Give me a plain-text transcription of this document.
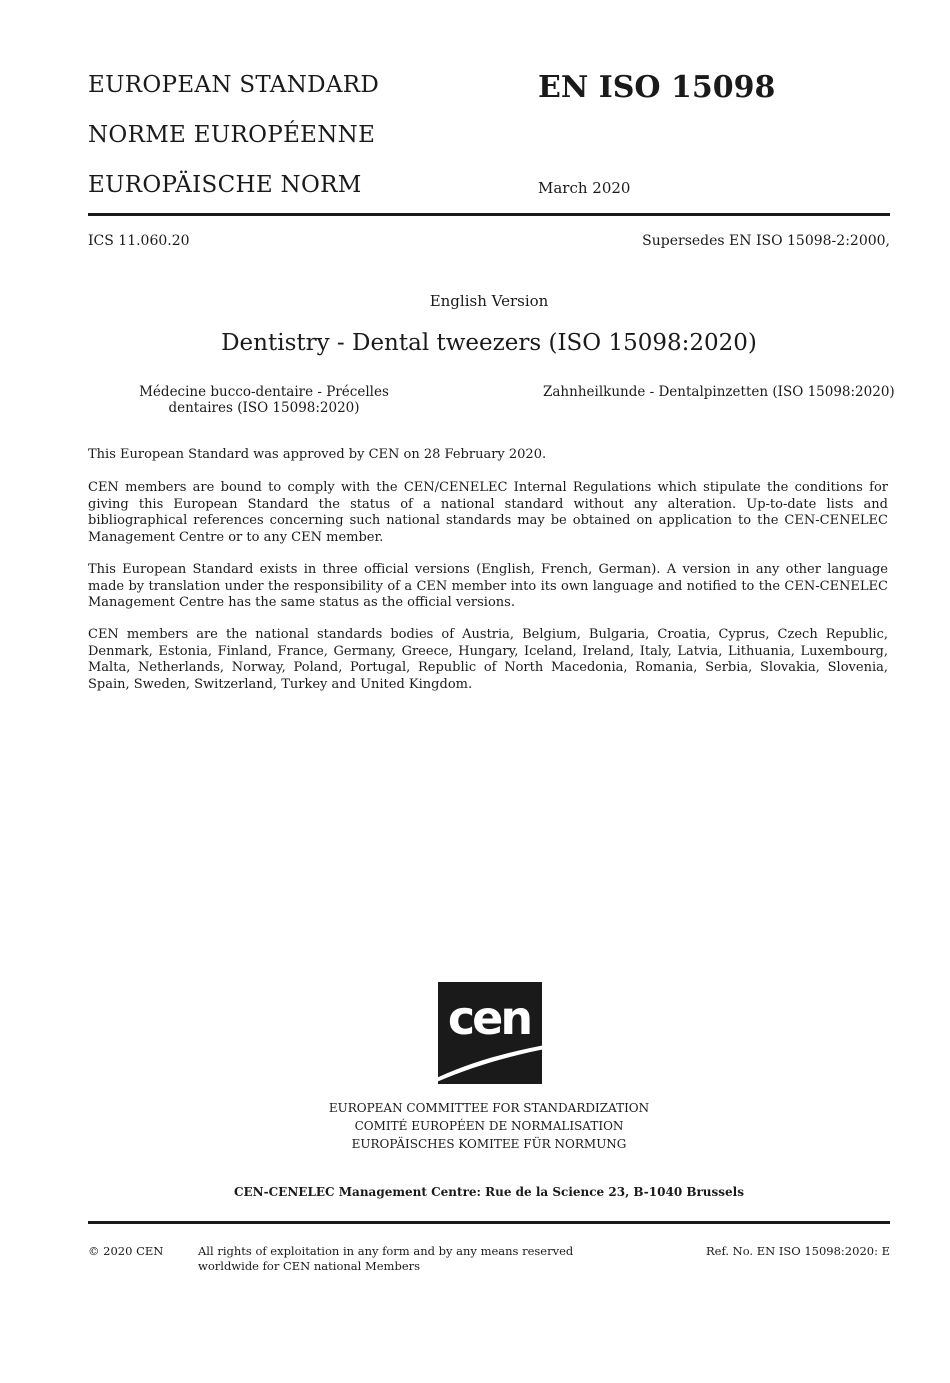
EUROPEAN STANDARD
NORME EUROPÉENNE
EUROPÄISCHE NORM
EN ISO 15098
March 2020
ICS 11.060.20	Supersedes EN ISO 15098-2:2000,
English Version
Dentistry - Dental tweezers (ISO 15098:2020)
Médecine bucco-dentaire - Précelles
dentaires (ISO 15098:2020)
Zahnheilkunde - Dentalpinzetten (ISO 15098:2020)
This European Standard was approved by CEN on 28 February 2020.
CEN members are bound to comply with the CEN/CENELEC Internal Regulations which stipulate the conditions for giving this European Standard the status of a national standard without any alteration. Up-to-date lists and bibliographical references concerning such national standards may be obtained on application to the CEN-CENELEC Management Centre or to any CEN member.
This European Standard exists in three official versions (English, French, German). A version in any other language made by translation under the responsibility of a CEN member into its own language and notified to the CEN-CENELEC Management Centre has the same status as the official versions.
CEN members are the national standards bodies of Austria, Belgium, Bulgaria, Croatia, Cyprus, Czech Republic, Denmark, Estonia, Finland, France, Germany, Greece, Hungary, Iceland, Ireland, Italy, Latvia, Lithuania, Luxembourg, Malta, Netherlands, Norway, Poland, Portugal, Republic of North Macedonia, Romania, Serbia, Slovakia, Slovenia, Spain, Sweden, Switzerland, Turkey and United Kingdom.
cen
EUROPEAN COMMITTEE FOR STANDARDIZATION
COMITÉ EUROPÉEN DE NORMALISATION
EUROPÄISCHES KOMITEE FÜR NORMUNG
CEN-CENELEC Management Centre: Rue de la Science 23, B-1040 Brussels
© 2020 CEN	All rights of exploitation in any form and by any means reserved
worldwide for CEN national Members
Ref. No. EN ISO 15098:2020: E
